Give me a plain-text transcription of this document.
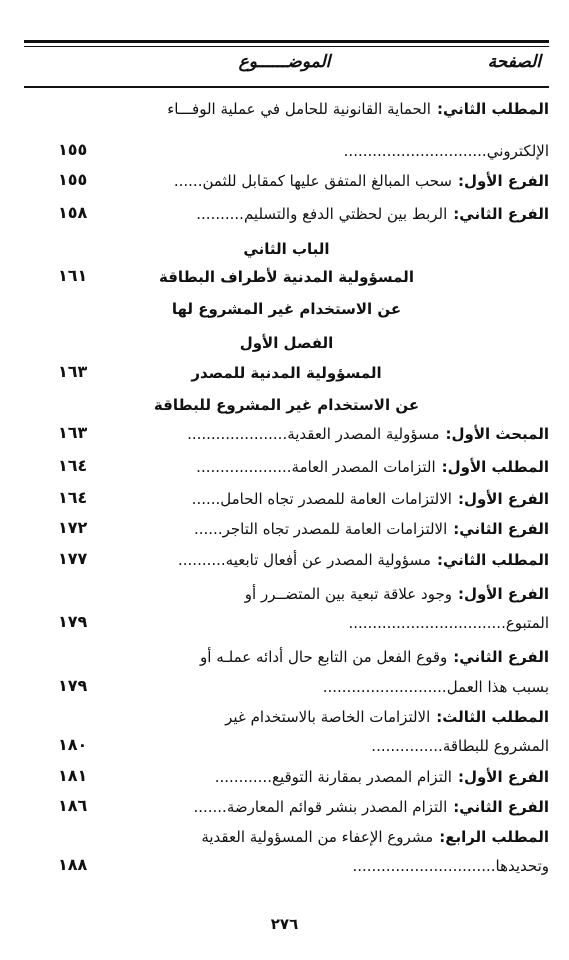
الموضــــــوع	الصفحة
المطلب الثاني:الحماية القانونية للحامل في عملية الوفـــاء
الإلكتروني..............................
١٥٥
الفرع الأول:سحب المبالغ المتفق عليها كمقابل للثمن......
١٥٥
الفرع الثاني:الربط بين لحظتي الدفع والتسليم..........
١٥٨
الباب الثاني
المسؤولية المدنية لأطراف البطاقة
١٦١
عن الاستخدام غير المشروع لها
الفصل الأول
المسؤولية المدنية للمصدر
١٦٣
عن الاستخدام غير المشروع للبطاقة
المبحث الأول:مسؤولية المصدر العقدية.....................
١٦٣
المطلب الأول:التزامات المصدر العامة....................
١٦٤
الفرع الأول:الالتزامات العامة للمصدر تجاه الحامل......
١٦٤
الفرع الثاني:الالتزامات العامة للمصدر تجاه التاجر......
١٧٢
المطلب الثاني:مسؤولية المصدر عن أفعال تابعيه..........
١٧٧
الفرع الأول:وجود علاقة تبعية بين المتضــرر أو
المتبوع.................................
١٧٩
الفرع الثاني:وقوع الفعل من التابع حال أدائه عملـه أو
بسبب هذا العمل..........................
١٧٩
المطلب الثالث:الالتزامات الخاصة بالاستخدام غير
المشروع للبطاقة...............
١٨٠
الفرع الأول:التزام المصدر بمقارنة التوقيع............
١٨١
الفرع الثاني:التزام المصدر بنشر قوائم المعارضة.......
١٨٦
المطلب الرابع:مشروع الإعفاء من المسؤولية العقدية
وتحديدها..............................
١٨٨
٢٧٦
